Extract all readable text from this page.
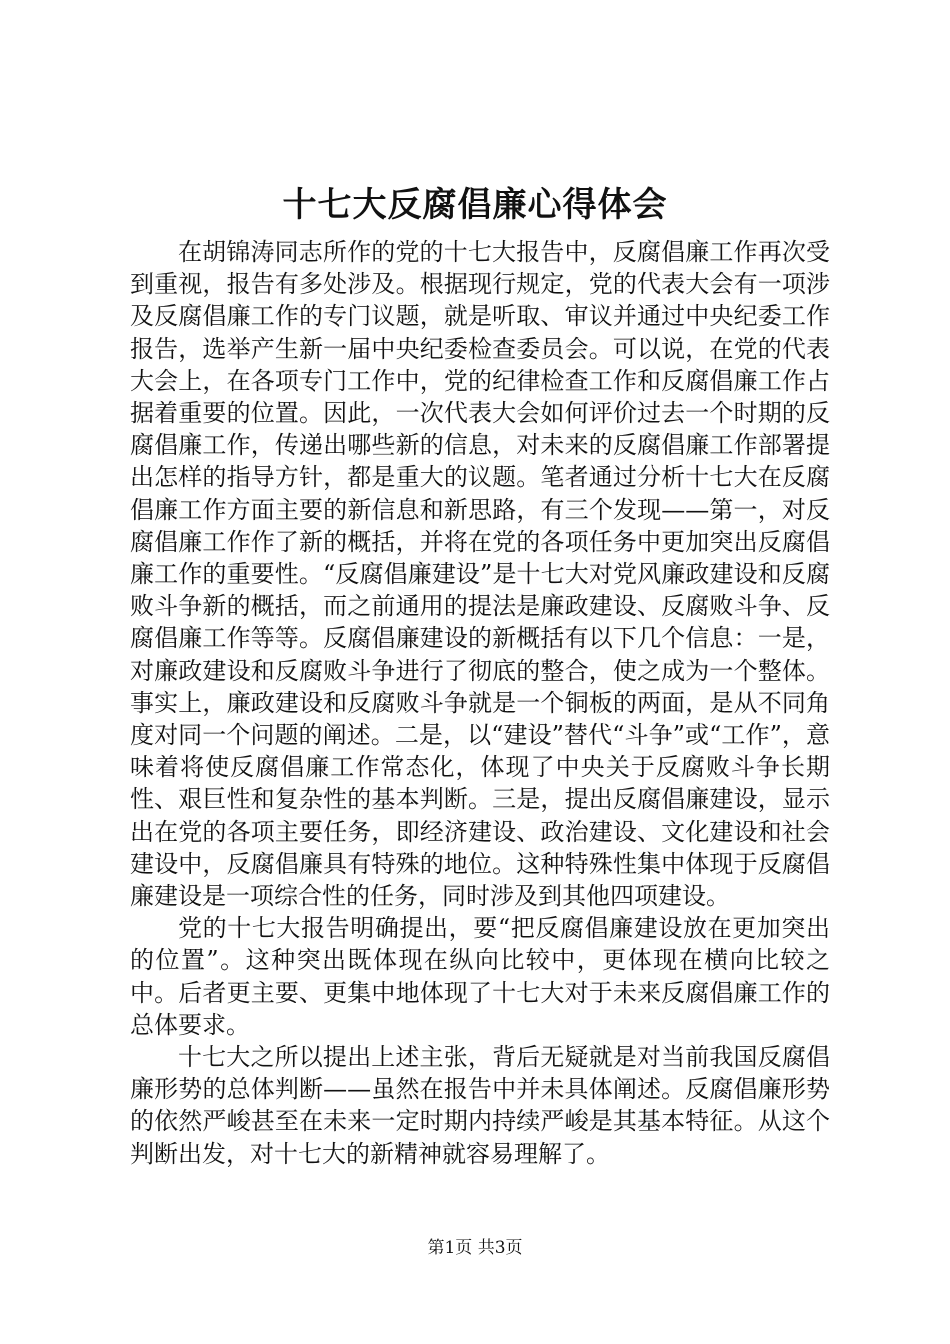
十七大反腐倡廉心得体会

在胡锦涛同志所作的党的十七大报告中，反腐倡廉工作再次受到重视，报告有多处涉及。根据现行规定，党的代表大会有一项涉及反腐倡廉工作的专门议题，就是听取、审议并通过中央纪委工作报告，选举产生新一届中央纪委检查委员会。可以说，在党的代表大会上，在各项专门工作中，党的纪律检查工作和反腐倡廉工作占据着重要的位置。因此，一次代表大会如何评价过去一个时期的反腐倡廉工作，传递出哪些新的信息，对未来的反腐倡廉工作部署提出怎样的指导方针，都是重大的议题。笔者通过分析十七大在反腐倡廉工作方面主要的新信息和新思路，有三个发现——第一，对反腐倡廉工作作了新的概括，并将在党的各项任务中更加突出反腐倡廉工作的重要性。“反腐倡廉建设”是十七大对党风廉政建设和反腐败斗争新的概括，而之前通用的提法是廉政建设、反腐败斗争、反腐倡廉工作等等。反腐倡廉建设的新概括有以下几个信息：一是，对廉政建设和反腐败斗争进行了彻底的整合，使之成为一个整体。事实上，廉政建设和反腐败斗争就是一个铜板的两面，是从不同角度对同一个问题的阐述。二是，以“建设”替代“斗争”或“工作”，意味着将使反腐倡廉工作常态化，体现了中央关于反腐败斗争长期性、艰巨性和复杂性的基本判断。三是，提出反腐倡廉建设，显示出在党的各项主要任务，即经济建设、政治建设、文化建设和社会建设中，反腐倡廉具有特殊的地位。这种特殊性集中体现于反腐倡廉建设是一项综合性的任务，同时涉及到其他四项建设。

党的十七大报告明确提出，要“把反腐倡廉建设放在更加突出的位置”。这种突出既体现在纵向比较中，更体现在横向比较之中。后者更主要、更集中地体现了十七大对于未来反腐倡廉工作的总体要求。

十七大之所以提出上述主张，背后无疑就是对当前我国反腐倡廉形势的总体判断——虽然在报告中并未具体阐述。反腐倡廉形势的依然严峻甚至在未来一定时期内持续严峻是其基本特征。从这个判断出发，对十七大的新精神就容易理解了。

第1页 共3页
